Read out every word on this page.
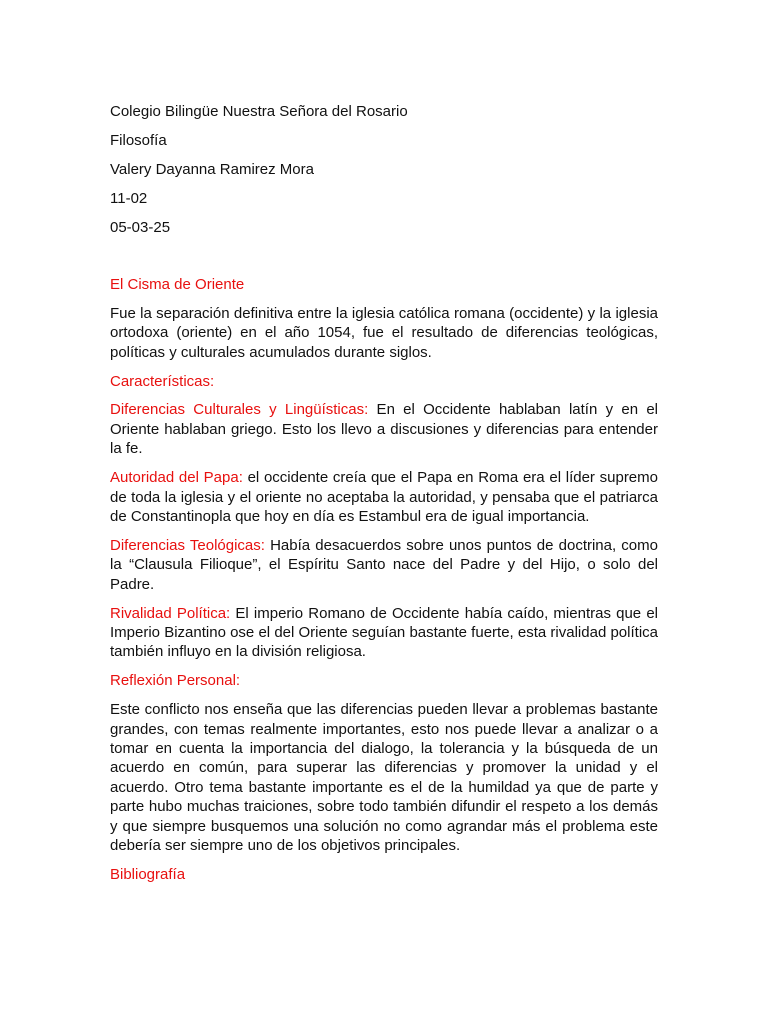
Colegio Bilingüe Nuestra Señora del Rosario
Filosofía
Valery Dayanna Ramirez Mora
11-02
05-03-25
El Cisma de Oriente

Fue la separación definitiva entre la iglesia católica romana (occidente) y la iglesia ortodoxa (oriente) en el año 1054, fue el resultado de diferencias teológicas, políticas y culturales acumulados durante siglos.

Características:

Diferencias Culturales y Lingüísticas: En el Occidente hablaban latín y en el Oriente hablaban griego. Esto los llevo a discusiones y diferencias para entender la fe.

Autoridad del Papa: el occidente creía que el Papa en Roma era el líder supremo de toda la iglesia y el oriente no aceptaba la autoridad, y pensaba que el patriarca de Constantinopla que hoy en día es Estambul era de igual importancia.

Diferencias Teológicas: Había desacuerdos sobre unos puntos de doctrina, como la “Clausula Filioque”, el Espíritu Santo nace del Padre y del Hijo, o solo del Padre.

Rivalidad Política: El imperio Romano de Occidente había caído, mientras que el Imperio Bizantino ose el del Oriente seguían bastante fuerte, esta rivalidad política también influyo en la división religiosa.

Reflexión Personal:

Este conflicto nos enseña que las diferencias pueden llevar a problemas bastante grandes, con temas realmente importantes, esto nos puede llevar a analizar o a tomar en cuenta la importancia del dialogo, la tolerancia y la búsqueda de un acuerdo en común, para superar las diferencias y promover la unidad y el acuerdo. Otro tema bastante importante es el de la humildad ya que de parte y parte hubo muchas traiciones, sobre todo también difundir el respeto a los demás y que siempre busquemos una solución no como agrandar más el problema este debería ser siempre uno de los objetivos principales.

Bibliografía
